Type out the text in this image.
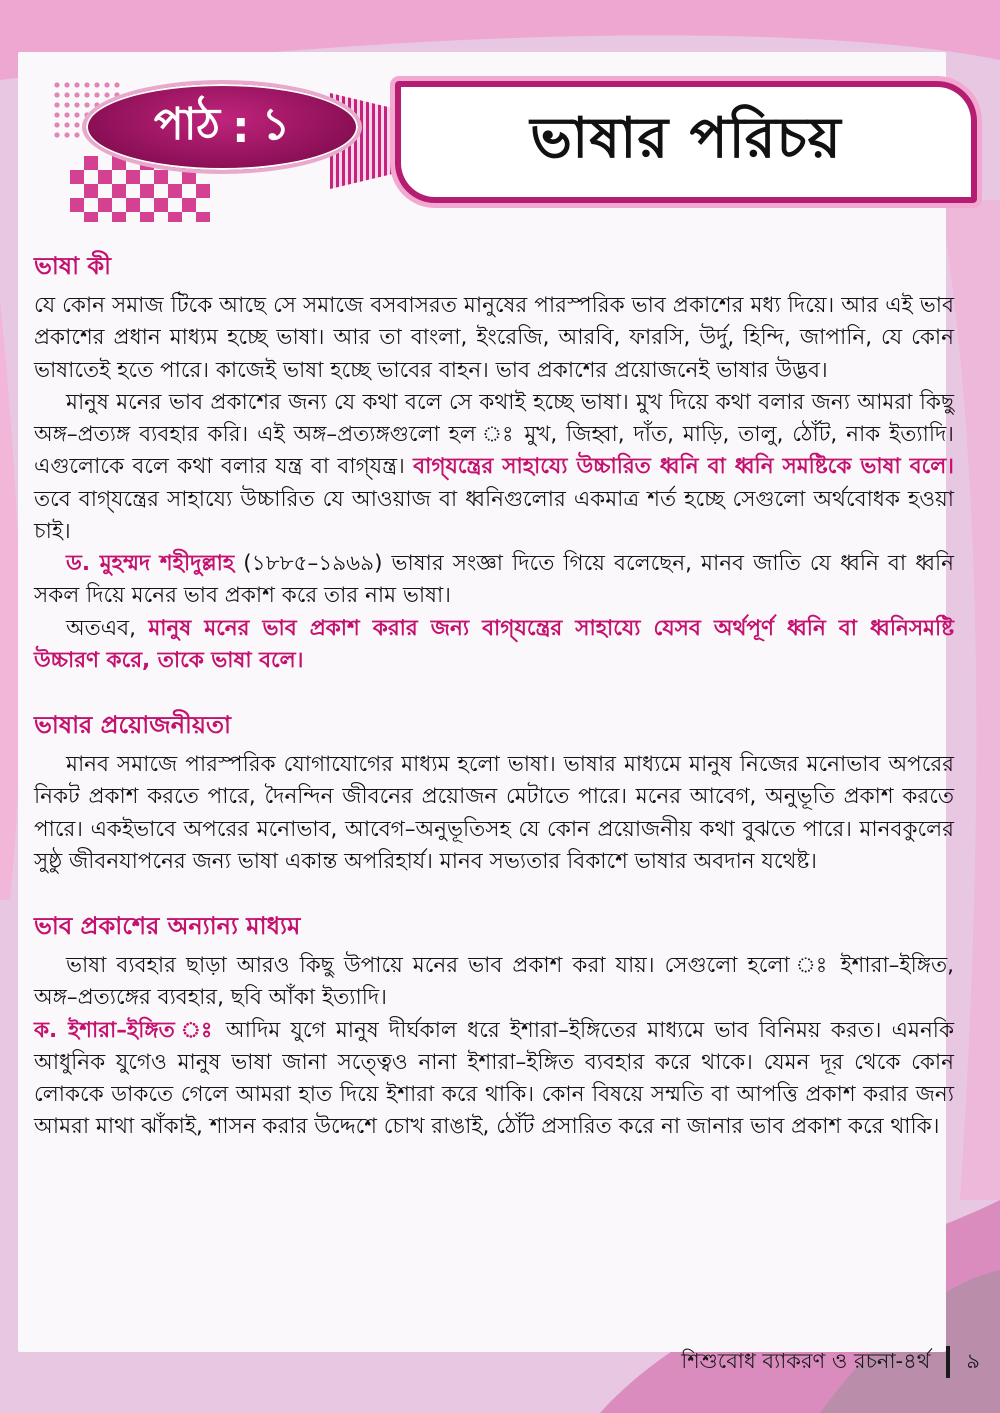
পাঠ : ১	ভাষার পরিচয়
ভাষা কী

যে কোন সমাজ টিকে আছে সে সমাজে বসবাসরত মানুষের পারস্পরিক ভাব প্রকাশের মধ্য দিয়ে। আর এই ভাব প্রকাশের প্রধান মাধ্যম হচ্ছে ভাষা। আর তা বাংলা, ইংরেজি, আরবি, ফারসি, উর্দু, হিন্দি, জাপানি, যে কোন ভাষাতেই হতে পারে। কাজেই ভাষা হচ্ছে ভাবের বাহন। ভাব প্রকাশের প্রয়োজনেই ভাষার উদ্ভব।

মানুষ মনের ভাব প্রকাশের জন্য যে কথা বলে সে কথাই হচ্ছে ভাষা। মুখ দিয়ে কথা বলার জন্য আমরা কিছু অঙ্গ–প্রত্যঙ্গ ব্যবহার করি। এই অঙ্গ–প্রত্যঙ্গগুলো হল ঃ মুখ, জিহ্বা, দাঁত, মাড়ি, তালু, ঠোঁট, নাক ইত্যাদি। এগুলোকে বলে কথা বলার যন্ত্র বা বাগ্‌যন্ত্র। বাগ্‌যন্ত্রের সাহায্যে উচ্চারিত ধ্বনি বা ধ্বনি সমষ্টিকে ভাষা বলে। তবে বাগ্‌যন্ত্রের সাহায্যে উচ্চারিত যে আওয়াজ বা ধ্বনিগুলোর একমাত্র শর্ত হচ্ছে সেগুলো অর্থবোধক হওয়া চাই।

ড. মুহম্মদ শহীদুল্লাহ (১৮৮৫–১৯৬৯) ভাষার সংজ্ঞা দিতে গিয়ে বলেছেন, মানব জাতি যে ধ্বনি বা ধ্বনি সকল দিয়ে মনের ভাব প্রকাশ করে তার নাম ভাষা।

অতএব, মানুষ মনের ভাব প্রকাশ করার জন্য বাগ্‌যন্ত্রের সাহায্যে যেসব অর্থপূর্ণ ধ্বনি বা ধ্বনিসমষ্টি উচ্চারণ করে, তাকে ভাষা বলে।

ভাষার প্রয়োজনীয়তা

মানব সমাজে পারস্পরিক যোগাযোগের মাধ্যম হলো ভাষা। ভাষার মাধ্যমে মানুষ নিজের মনোভাব অপরের নিকট প্রকাশ করতে পারে, দৈনন্দিন জীবনের প্রয়োজন মেটাতে পারে। মনের আবেগ, অনুভূতি প্রকাশ করতে পারে। একইভাবে অপরের মনোভাব, আবেগ–অনুভূতিসহ যে কোন প্রয়োজনীয় কথা বুঝতে পারে। মানবকুলের সুষ্ঠু জীবনযাপনের জন্য ভাষা একান্ত অপরিহার্য। মানব সভ্যতার বিকাশে ভাষার অবদান যথেষ্ট।

ভাব প্রকাশের অন্যান্য মাধ্যম

ভাষা ব্যবহার ছাড়া আরও কিছু উপায়ে মনের ভাব প্রকাশ করা যায়। সেগুলো হলো ঃ ইশারা–ইঙ্গিত, অঙ্গ–প্রত্যঙ্গের ব্যবহার, ছবি আঁকা ইত্যাদি।

ক. ইশারা–ইঙ্গিত ঃ আদিম যুগে মানুষ দীর্ঘকাল ধরে ইশারা–ইঙ্গিতের মাধ্যমে ভাব বিনিময় করত। এমনকি আধুনিক যুগেও মানুষ ভাষা জানা সত্ত্বেও নানা ইশারা–ইঙ্গিত ব্যবহার করে থাকে। যেমন দূর থেকে কোন লোককে ডাকতে গেলে আমরা হাত দিয়ে ইশারা করে থাকি। কোন বিষয়ে সম্মতি বা আপত্তি প্রকাশ করার জন্য আমরা মাথা ঝাঁকাই, শাসন করার উদ্দেশে চোখ রাঙাই, ঠোঁট প্রসারিত করে না জানার ভাব প্রকাশ করে থাকি।

শিশুবোধ ব্যাকরণ ও রচনা-৪র্থ ৯
